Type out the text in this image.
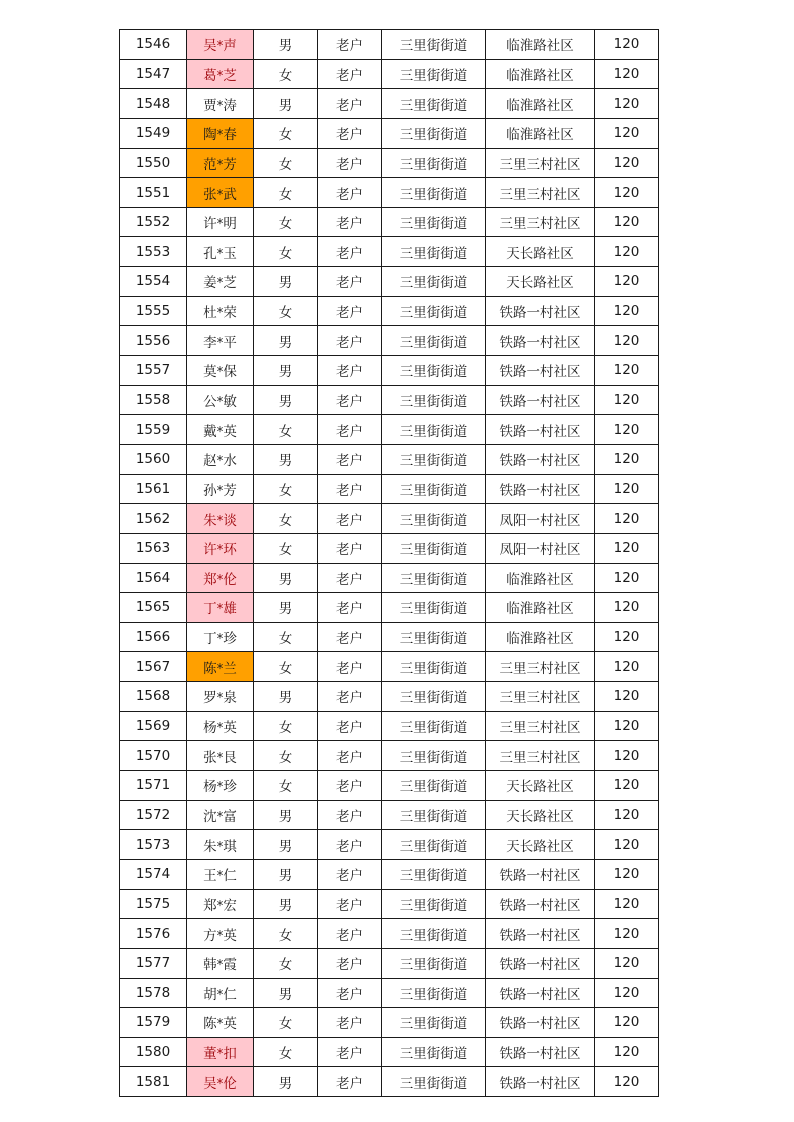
1546	吴*声	男	老户	三里街街道	临淮路社区	120
1547	葛*芝	女	老户	三里街街道	临淮路社区	120
1548	贾*涛	男	老户	三里街街道	临淮路社区	120
1549	陶*春	女	老户	三里街街道	临淮路社区	120
1550	范*芳	女	老户	三里街街道	三里三村社区	120
1551	张*武	女	老户	三里街街道	三里三村社区	120
1552	许*明	女	老户	三里街街道	三里三村社区	120
1553	孔*玉	女	老户	三里街街道	天长路社区	120
1554	姜*芝	男	老户	三里街街道	天长路社区	120
1555	杜*荣	女	老户	三里街街道	铁路一村社区	120
1556	李*平	男	老户	三里街街道	铁路一村社区	120
1557	莫*保	男	老户	三里街街道	铁路一村社区	120
1558	公*敏	男	老户	三里街街道	铁路一村社区	120
1559	戴*英	女	老户	三里街街道	铁路一村社区	120
1560	赵*水	男	老户	三里街街道	铁路一村社区	120
1561	孙*芳	女	老户	三里街街道	铁路一村社区	120
1562	朱*谈	女	老户	三里街街道	凤阳一村社区	120
1563	许*环	女	老户	三里街街道	凤阳一村社区	120
1564	郑*伦	男	老户	三里街街道	临淮路社区	120
1565	丁*雄	男	老户	三里街街道	临淮路社区	120
1566	丁*珍	女	老户	三里街街道	临淮路社区	120
1567	陈*兰	女	老户	三里街街道	三里三村社区	120
1568	罗*泉	男	老户	三里街街道	三里三村社区	120
1569	杨*英	女	老户	三里街街道	三里三村社区	120
1570	张*艮	女	老户	三里街街道	三里三村社区	120
1571	杨*珍	女	老户	三里街街道	天长路社区	120
1572	沈*富	男	老户	三里街街道	天长路社区	120
1573	朱*琪	男	老户	三里街街道	天长路社区	120
1574	王*仁	男	老户	三里街街道	铁路一村社区	120
1575	郑*宏	男	老户	三里街街道	铁路一村社区	120
1576	方*英	女	老户	三里街街道	铁路一村社区	120
1577	韩*霞	女	老户	三里街街道	铁路一村社区	120
1578	胡*仁	男	老户	三里街街道	铁路一村社区	120
1579	陈*英	女	老户	三里街街道	铁路一村社区	120
1580	董*扣	女	老户	三里街街道	铁路一村社区	120
1581	吴*伦	男	老户	三里街街道	铁路一村社区	120
